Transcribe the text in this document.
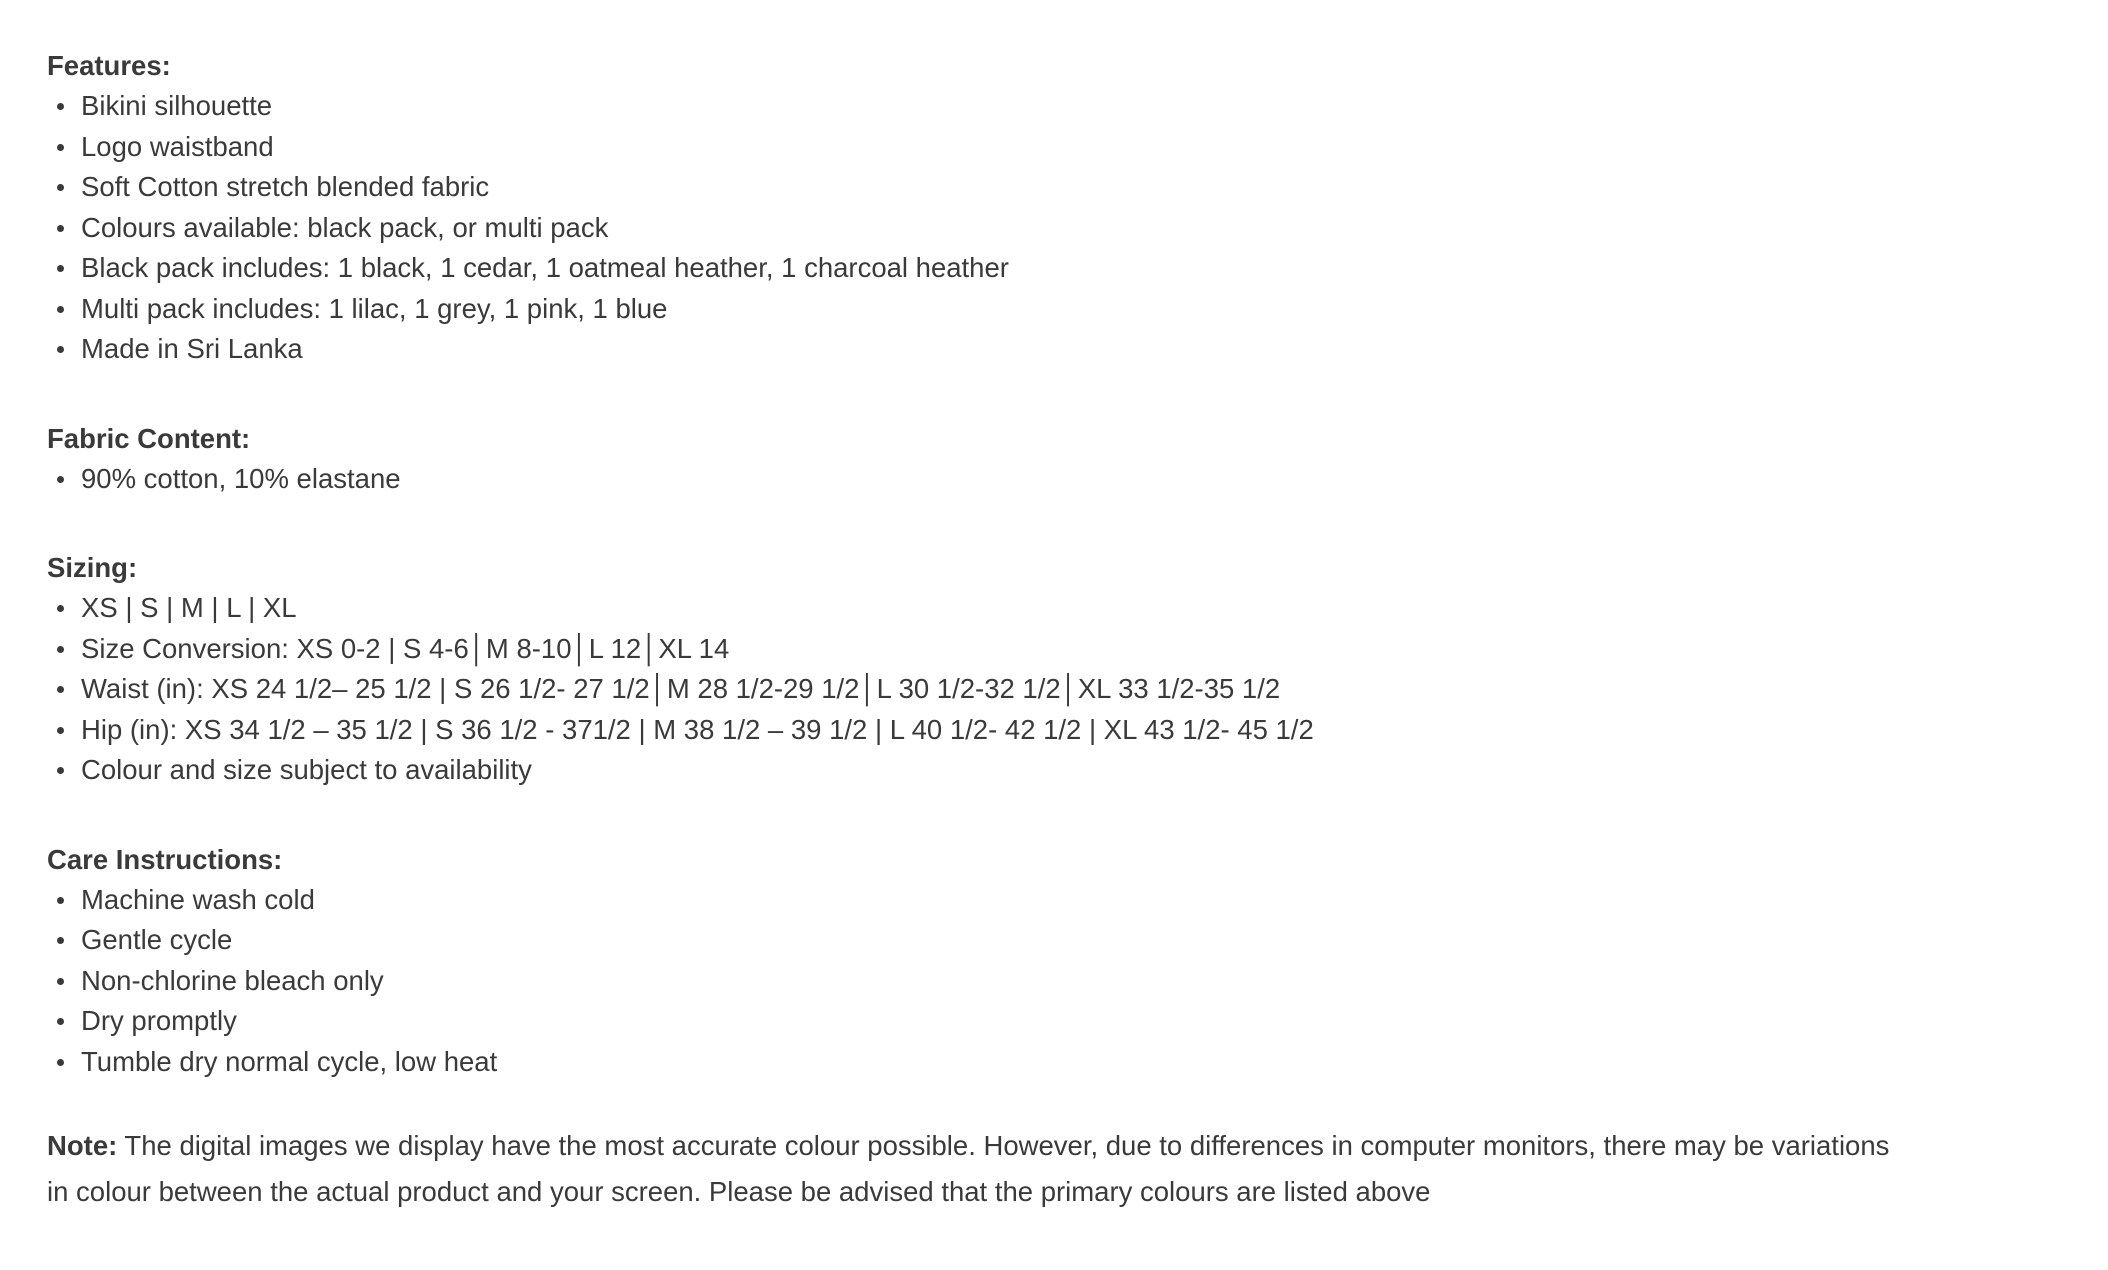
Features:

Bikini silhouette
Logo waistband
Soft Cotton stretch blended fabric
Colours available: black pack, or multi pack
Black pack includes: 1 black, 1 cedar, 1 oatmeal heather, 1 charcoal heather
Multi pack includes: 1 lilac, 1 grey, 1 pink, 1 blue
Made in Sri Lanka

Fabric Content:

90% cotton, 10% elastane

Sizing:

XS | S | M | L | XL
Size Conversion: XS 0-2 | S 4-6│M 8-10│L 12│XL 14
Waist (in): XS 24 1/2– 25 1/2 | S 26 1/2- 27 1/2│M 28 1/2-29 1/2│L 30 1/2-32 1/2│XL 33 1/2-35 1/2
Hip (in): XS 34 1/2 – 35 1/2 | S 36 1/2 - 371/2 | M 38 1/2 – 39 1/2 | L 40 1/2- 42 1/2 | XL 43 1/2- 45 1/2
Colour and size subject to availability

Care Instructions:

Machine wash cold
Gentle cycle
Non-chlorine bleach only
Dry promptly
Tumble dry normal cycle, low heat

Note: The digital images we display have the most accurate colour possible. However, due to differences in computer monitors, there may be variations in colour between the actual product and your screen. Please be advised that the primary colours are listed above
